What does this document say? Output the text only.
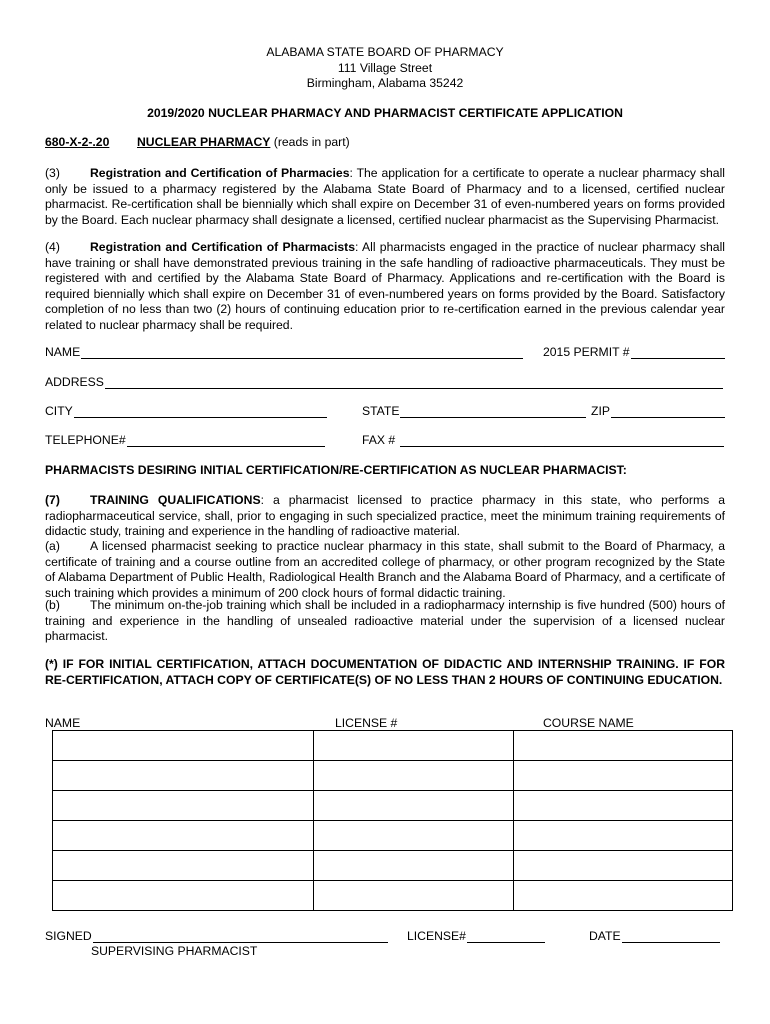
ALABAMA STATE BOARD OF PHARMACY
111 Village Street
Birmingham, Alabama 35242
2019/2020 NUCLEAR PHARMACY AND PHARMACIST CERTIFICATE APPLICATION
680-X-2-.20 NUCLEAR PHARMACY (reads in part)
(3) Registration and Certification of Pharmacies: The application for a certificate to operate a nuclear pharmacy shall only be issued to a pharmacy registered by the Alabama State Board of Pharmacy and to a licensed, certified nuclear pharmacist. Re-certification shall be biennially which shall expire on December 31 of even-numbered years on forms provided by the Board. Each nuclear pharmacy shall designate a licensed, certified nuclear pharmacist as the Supervising Pharmacist.
(4) Registration and Certification of Pharmacists: All pharmacists engaged in the practice of nuclear pharmacy shall have training or shall have demonstrated previous training in the safe handling of radioactive pharmaceuticals. They must be registered with and certified by the Alabama State Board of Pharmacy. Applications and re-certification with the Board is required biennially which shall expire on December 31 of even-numbered years on forms provided by the Board. Satisfactory completion of no less than two (2) hours of continuing education prior to re-certification earned in the previous calendar year related to nuclear pharmacy shall be required.
NAME	2015 PERMIT #
ADDRESS
CITY	STATE	ZIP
TELEPHONE#	FAX #
PHARMACISTS DESIRING INITIAL CERTIFICATION/RE-CERTIFICATION AS NUCLEAR PHARMACIST:
(7) TRAINING QUALIFICATIONS: a pharmacist licensed to practice pharmacy in this state, who performs a radiopharmaceutical service, shall, prior to engaging in such specialized practice, meet the minimum training requirements of didactic study, training and experience in the handling of radioactive material.
(a) A licensed pharmacist seeking to practice nuclear pharmacy in this state, shall submit to the Board of Pharmacy, a certificate of training and a course outline from an accredited college of pharmacy, or other program recognized by the State of Alabama Department of Public Health, Radiological Health Branch and the Alabama Board of Pharmacy, and a certificate of such training which provides a minimum of 200 clock hours of formal didactic training.
(b) The minimum on-the-job training which shall be included in a radiopharmacy internship is five hundred (500) hours of training and experience in the handling of unsealed radioactive material under the supervision of a licensed nuclear pharmacist.
(*) IF FOR INITIAL CERTIFICATION, ATTACH DOCUMENTATION OF DIDACTIC AND INTERNSHIP TRAINING. IF FOR RE-CERTIFICATION, ATTACH COPY OF CERTIFICATE(S) OF NO LESS THAN 2 HOURS OF CONTINUING EDUCATION.
NAME	LICENSE #	COURSE NAME

SIGNED	LICENSE#	DATE
SUPERVISING PHARMACIST
